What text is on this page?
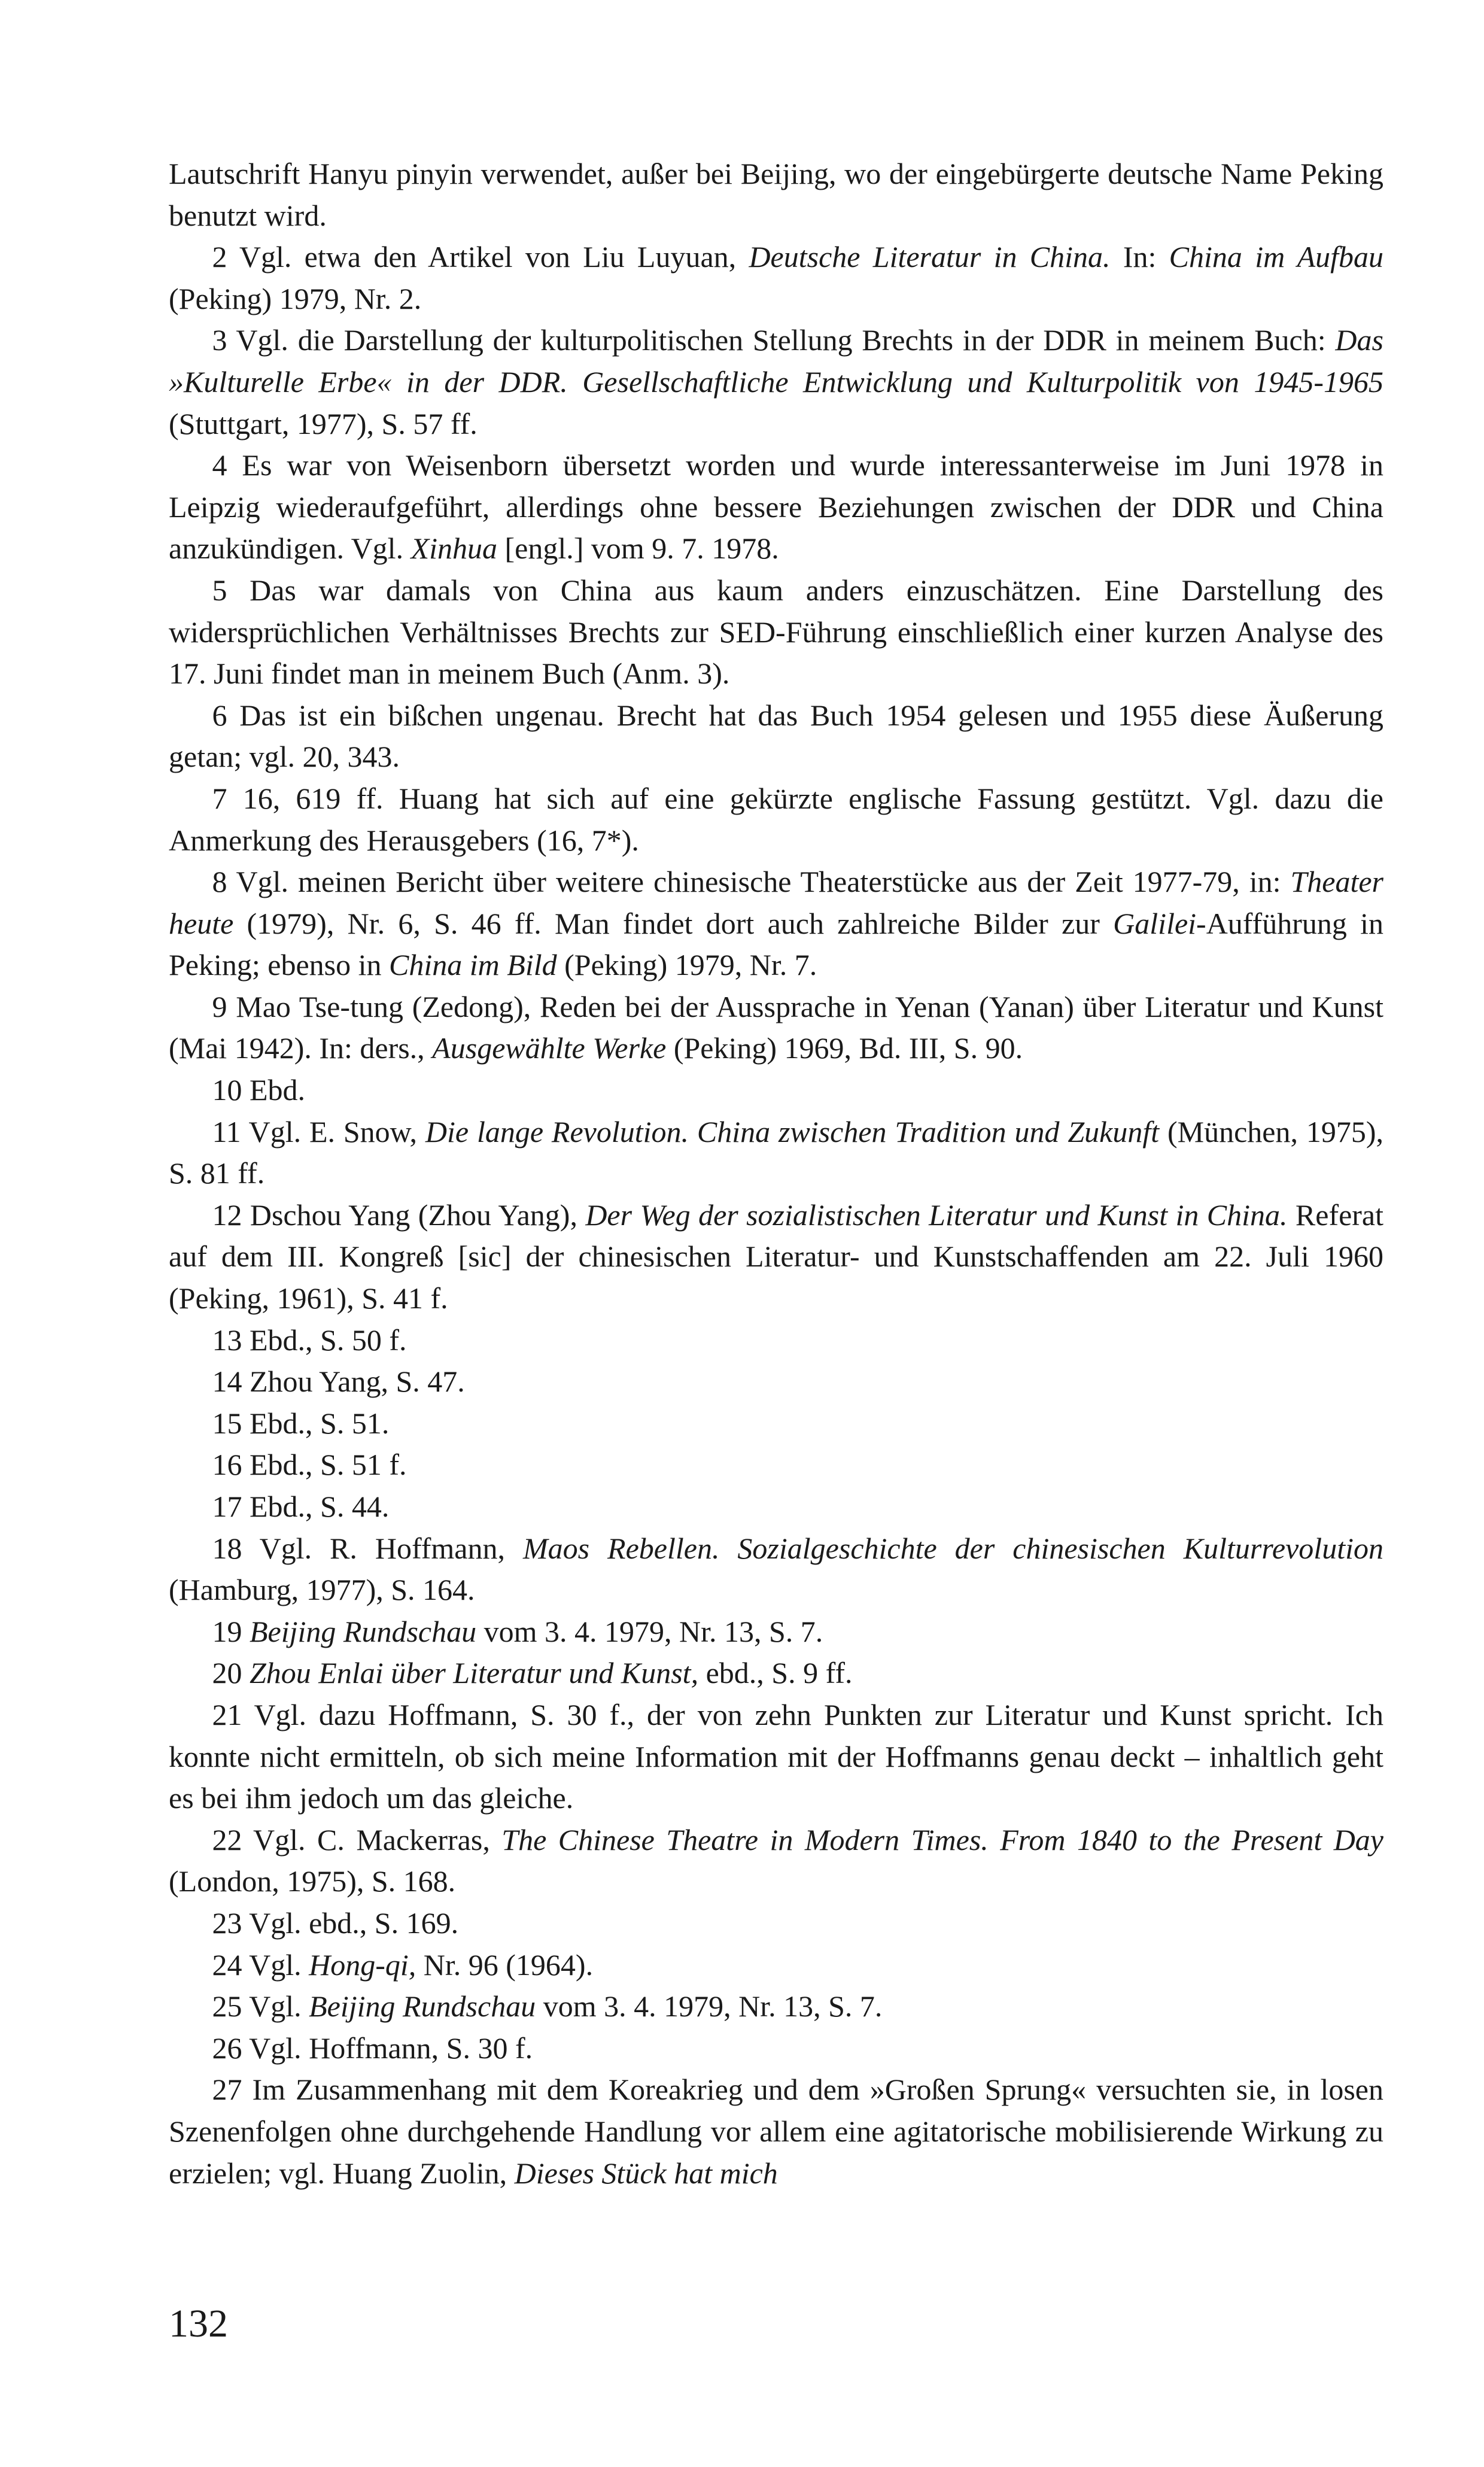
Lautschrift Hanyu pinyin verwendet, außer bei Beijing, wo der eingebürgerte deutsche Name Peking benutzt wird.

2 Vgl. etwa den Artikel von Liu Luyuan, Deutsche Literatur in China. In: China im Aufbau (Peking) 1979, Nr. 2.

3 Vgl. die Darstellung der kulturpolitischen Stellung Brechts in der DDR in meinem Buch: Das »Kulturelle Erbe« in der DDR. Gesellschaftliche Entwicklung und Kulturpolitik von 1945-1965 (Stuttgart, 1977), S. 57 ff.

4 Es war von Weisenborn übersetzt worden und wurde interessanterweise im Juni 1978 in Leipzig wiederaufgeführt, allerdings ohne bessere Beziehungen zwischen der DDR und China anzukündigen. Vgl. Xinhua [engl.] vom 9. 7. 1978.

5 Das war damals von China aus kaum anders einzuschätzen. Eine Darstellung des widersprüchlichen Verhältnisses Brechts zur SED-Führung einschließlich einer kurzen Analyse des 17. Juni findet man in meinem Buch (Anm. 3).

6 Das ist ein bißchen ungenau. Brecht hat das Buch 1954 gelesen und 1955 diese Äußerung getan; vgl. 20, 343.

7 16, 619 ff. Huang hat sich auf eine gekürzte englische Fassung gestützt. Vgl. dazu die Anmerkung des Herausgebers (16, 7*).

8 Vgl. meinen Bericht über weitere chinesische Theaterstücke aus der Zeit 1977-79, in: Theater heute (1979), Nr. 6, S. 46 ff. Man findet dort auch zahlreiche Bilder zur Galilei-Aufführung in Peking; ebenso in China im Bild (Peking) 1979, Nr. 7.

9 Mao Tse-tung (Zedong), Reden bei der Aussprache in Yenan (Yanan) über Literatur und Kunst (Mai 1942). In: ders., Ausgewählte Werke (Peking) 1969, Bd. III, S. 90.

10 Ebd.

11 Vgl. E. Snow, Die lange Revolution. China zwischen Tradition und Zukunft (München, 1975), S. 81 ff.

12 Dschou Yang (Zhou Yang), Der Weg der sozialistischen Literatur und Kunst in China. Referat auf dem III. Kongreß [sic] der chinesischen Literatur- und Kunstschaffenden am 22. Juli 1960 (Peking, 1961), S. 41 f.

13 Ebd., S. 50 f.

14 Zhou Yang, S. 47.

15 Ebd., S. 51.

16 Ebd., S. 51 f.

17 Ebd., S. 44.

18 Vgl. R. Hoffmann, Maos Rebellen. Sozialgeschichte der chinesischen Kulturrevolution (Hamburg, 1977), S. 164.

19 Beijing Rundschau vom 3. 4. 1979, Nr. 13, S. 7.

20 Zhou Enlai über Literatur und Kunst, ebd., S. 9 ff.

21 Vgl. dazu Hoffmann, S. 30 f., der von zehn Punkten zur Literatur und Kunst spricht. Ich konnte nicht ermitteln, ob sich meine Information mit der Hoffmanns genau deckt – inhaltlich geht es bei ihm jedoch um das gleiche.

22 Vgl. C. Mackerras, The Chinese Theatre in Modern Times. From 1840 to the Present Day (London, 1975), S. 168.

23 Vgl. ebd., S. 169.

24 Vgl. Hong-qi, Nr. 96 (1964).

25 Vgl. Beijing Rundschau vom 3. 4. 1979, Nr. 13, S. 7.

26 Vgl. Hoffmann, S. 30 f.

27 Im Zusammenhang mit dem Koreakrieg und dem »Großen Sprung« versuchten sie, in losen Szenenfolgen ohne durchgehende Handlung vor allem eine agitatorische mobilisierende Wirkung zu erzielen; vgl. Huang Zuolin, Dieses Stück hat mich

132
